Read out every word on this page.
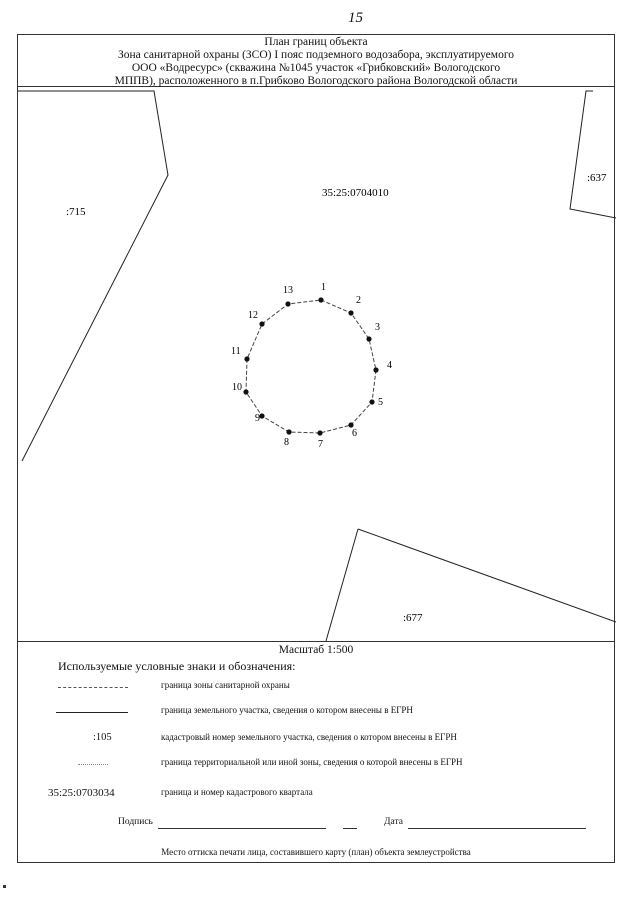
15
План границ объекта
Зона санитарной охраны (ЗСО) I пояс подземного водозабора, эксплуатируемого
ООО «Водресурс» (скважина №1045 участок «Грибковский» Вологодского
МППВ), расположенного в п.Грибково Вологодского района Вологодской области
:715
:637
:677
35:25:0704010
1
2
3
4
5
6
7
8
9
10
11
12
13
Масштаб 1:500
Используемые условные знаки и обозначения:
граница зоны санитарной охраны
граница земельного участка, сведения о котором внесены в ЕГРН
:105	кадастровый номер земельного участка, сведения о котором внесены в ЕГРН
граница территориальной или иной зоны, сведения о которой внесены в ЕГРН
35:25:0703034	граница и номер кадастрового квартала
Подпись	Дата
Место оттиска печати лица, составившего карту (план) объекта землеустройства
